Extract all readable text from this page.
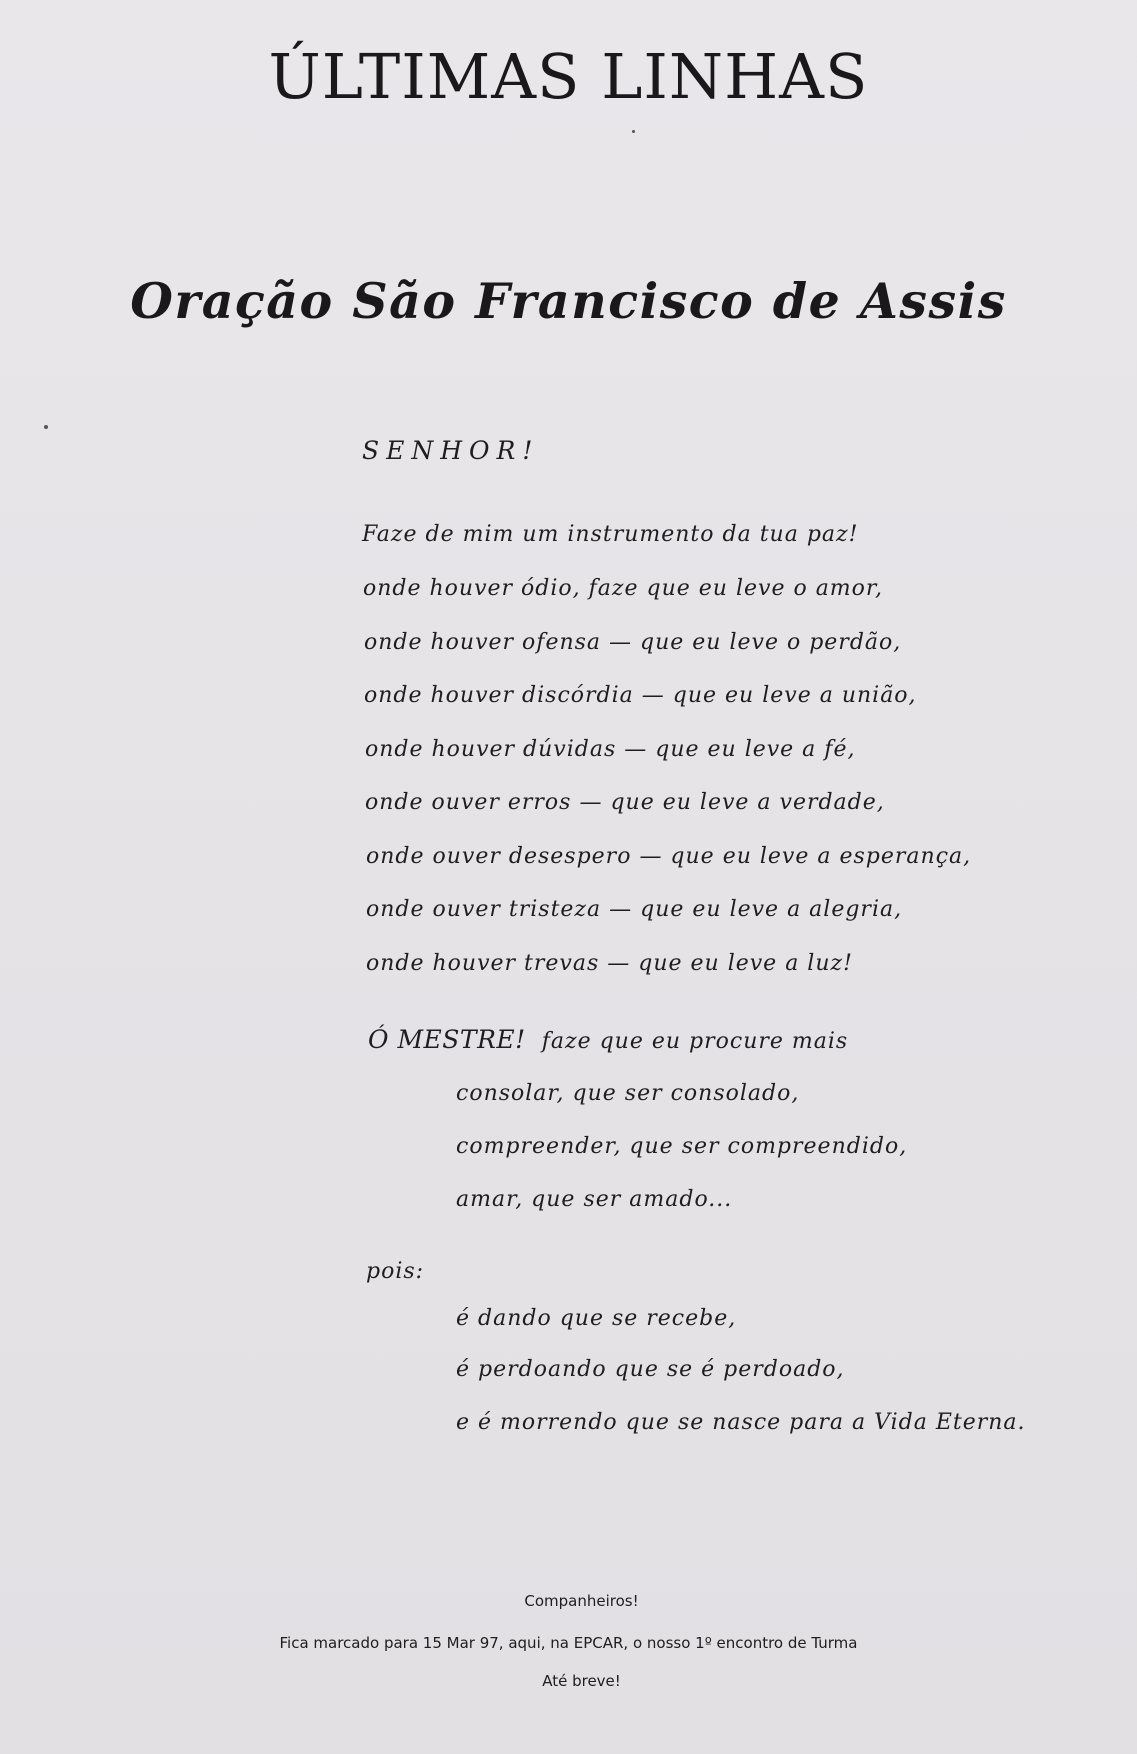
ÚLTIMAS LINHAS
Oração São Francisco de Assis
SENHOR!
Faze de mim um instrumento da tua paz!
onde houver ódio, faze que eu leve o amor,
onde houver ofensa — que eu leve o perdão,
onde houver discórdia — que eu leve a união,
onde houver dúvidas — que eu leve a fé,
onde ouver erros — que eu leve a verdade,
onde ouver desespero — que eu leve a esperança,
onde ouver tristeza — que eu leve a alegria,
onde houver trevas — que eu leve a luz!
Ó MESTRE! faze que eu procure mais
consolar, que ser consolado,
compreender, que ser compreendido,
amar, que ser amado...
pois:
é dando que se recebe,
é perdoando que se é perdoado,
e é morrendo que se nasce para a Vida Eterna.
Companheiros!
Fica marcado para 15 Mar 97, aqui, na EPCAR, o nosso 1º encontro de Turma
Até breve!
